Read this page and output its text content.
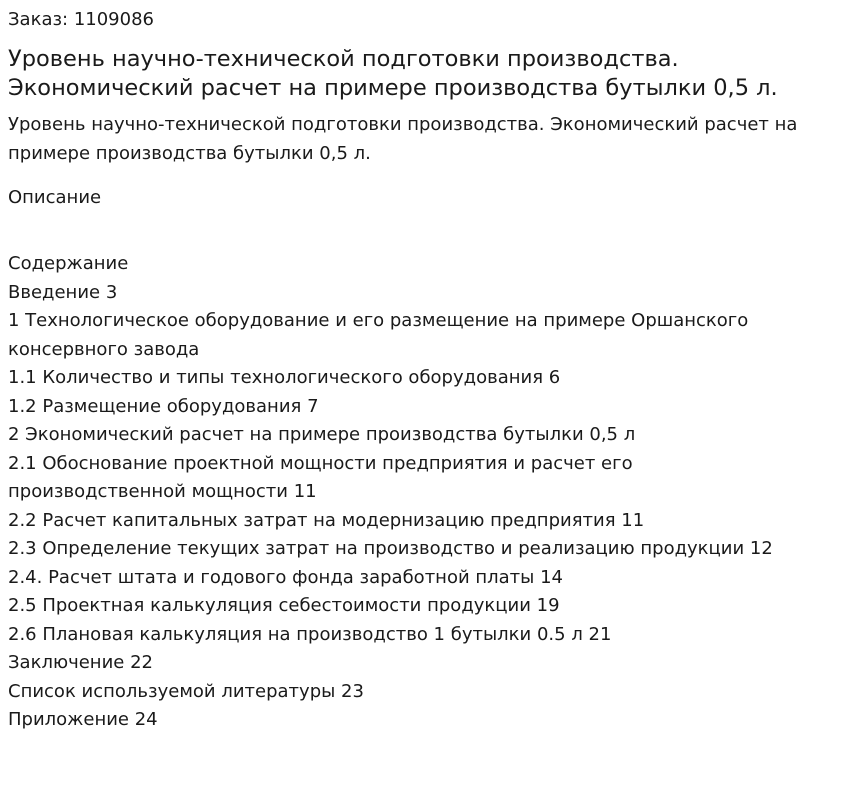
Заказ: 1109086

Уровень научно-технической подготовки производства. Экономический расчет на примере производства бутылки 0,5 л.

Уровень научно-технической подготовки производства. Экономический расчет на примере производства бутылки 0,5 л.

Описание

Содержание
Введение 3
1 Технологическое оборудование и его размещение на примере Оршанского консервного завода
1.1 Количество и типы технологического оборудования 6
1.2 Размещение оборудования 7
2 Экономический расчет на примере производства бутылки 0,5 л
2.1 Обоснование проектной мощности предприятия и расчет его производственной мощности 11
2.2 Расчет капитальных затрат на модернизацию предприятия 11
2.3 Определение текущих затрат на производство и реализацию продукции 12
2.4. Расчет штата и годового фонда заработной платы 14
2.5 Проектная калькуляция себестоимости продукции 19
2.6 Плановая калькуляция на производство 1 бутылки 0.5 л 21
Заключение 22
Список используемой литературы 23
Приложение 24
